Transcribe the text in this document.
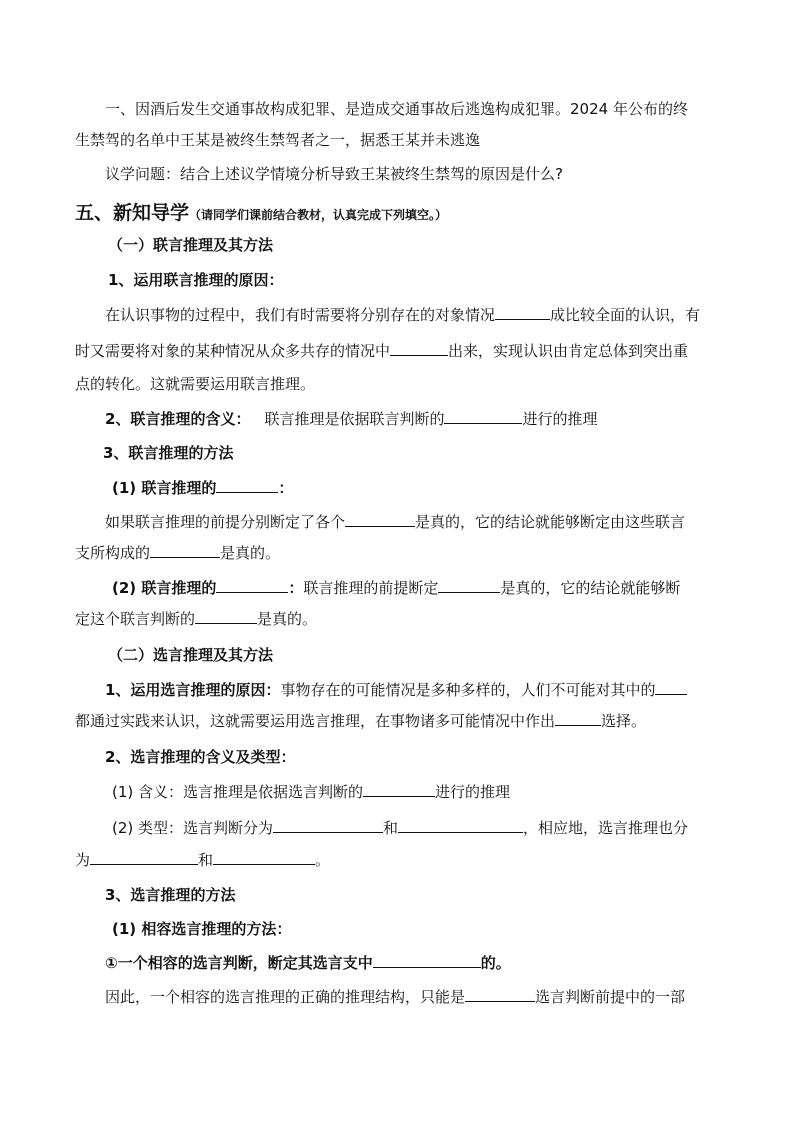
一、因酒后发生交通事故构成犯罪、是造成交通事故后逃逸构成犯罪。2024 年公布的终
生禁驾的名单中王某是被终生禁驾者之一，据悉王某并未逃逸
议学问题：结合上述议学情境分析导致王某被终生禁驾的原因是什么?
五、新知导学（请同学们课前结合教材，认真完成下列填空。）
（一）联言推理及其方法
1、运用联言推理的原因：
在认识事物的过程中，我们有时需要将分别存在的对象情况	成比较全面的认识，有
时又需要将对象的某种情况从众多共存的情况中	出来，实现认识由肯定总体到突出重
点的转化。这就需要运用联言推理。
2、联言推理的含义： 联言推理是依据联言判断的	进行的推理
3、联言推理的方法
(1) 联言推理的	：
如果联言推理的前提分别断定了各个	是真的，它的结论就能够断定由这些联言
支所构成的	是真的。
(2) 联言推理的	：联言推理的前提断定	是真的，它的结论就能够断
定这个联言判断的	是真的。
（二）选言推理及其方法
1、运用选言推理的原因：事物存在的可能情况是多种多样的，人们不可能对其中的
都通过实践来认识，这就需要运用选言推理，在事物诸多可能情况中作出	选择。
2、选言推理的含义及类型：
(1) 含义：选言推理是依据选言判断的	进行的推理
(2) 类型：选言判断分为	和	，相应地，选言推理也分
为	和	。
3、选言推理的方法
(1) 相容选言推理的方法：
①一个相容的选言判断，断定其选言支中	的。
因此，一个相容的选言推理的正确的推理结构，只能是	选言判断前提中的一部
